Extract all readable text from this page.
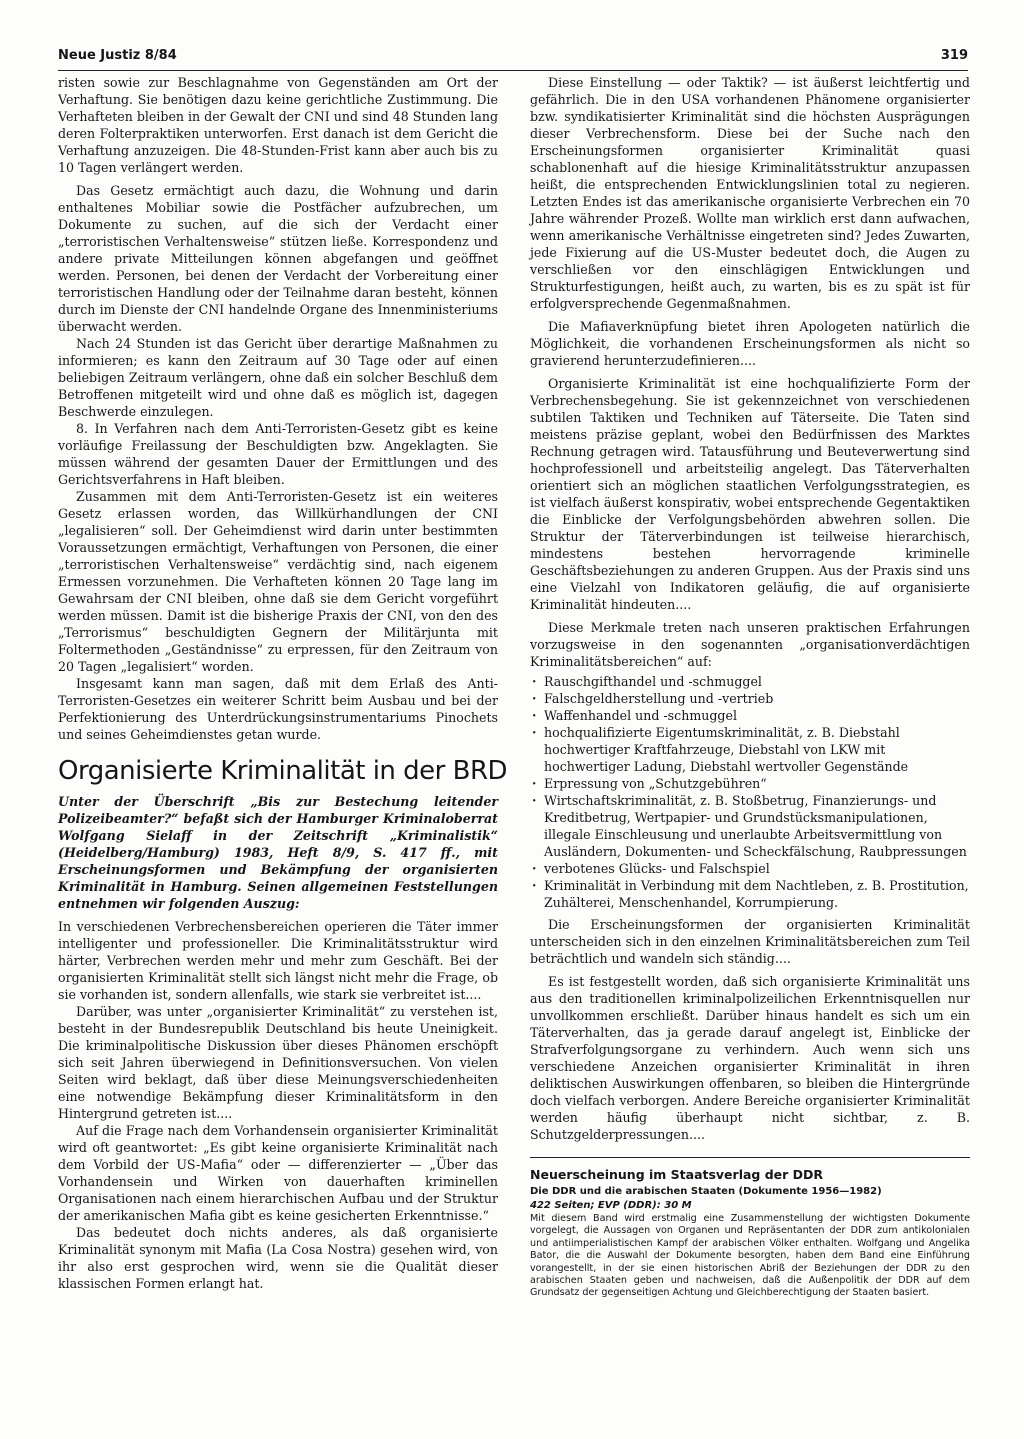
Neue Justiz 8/84	319

risten sowie zur Beschlagnahme von Gegenständen am Ort der Verhaftung. Sie benötigen dazu keine gerichtliche Zustimmung. Die Verhafteten bleiben in der Gewalt der CNI und sind 48 Stunden lang deren Folterpraktiken unterworfen. Erst danach ist dem Gericht die Verhaftung anzuzeigen. Die 48-Stunden-Frist kann aber auch bis zu 10 Tagen verlängert werden.

Das Gesetz ermächtigt auch dazu, die Wohnung und darin enthaltenes Mobiliar sowie die Postfächer aufzubrechen, um Dokumente zu suchen, auf die sich der Verdacht einer „terroristischen Verhaltensweise“ stützen ließe. Korrespondenz und andere private Mitteilungen können abgefangen und geöffnet werden. Personen, bei denen der Verdacht der Vorbereitung einer terroristischen Handlung oder der Teilnahme daran besteht, können durch im Dienste der CNI handelnde Organe des Innenministeriums überwacht werden.

Nach 24 Stunden ist das Gericht über derartige Maßnahmen zu informieren; es kann den Zeitraum auf 30 Tage oder auf einen beliebigen Zeitraum verlängern, ohne daß ein solcher Beschluß dem Betroffenen mitgeteilt wird und ohne daß es möglich ist, dagegen Beschwerde einzulegen.

8. In Verfahren nach dem Anti-Terroristen-Gesetz gibt es keine vorläufige Freilassung der Beschuldigten bzw. Angeklagten. Sie müssen während der gesamten Dauer der Ermittlungen und des Gerichtsverfahrens in Haft bleiben.

Zusammen mit dem Anti-Terroristen-Gesetz ist ein weiteres Gesetz erlassen worden, das Willkürhandlungen der CNI „legalisieren“ soll. Der Geheimdienst wird darin unter bestimmten Voraussetzungen ermächtigt, Verhaftungen von Personen, die einer „terroristischen Verhaltensweise“ verdächtig sind, nach eigenem Ermessen vorzunehmen. Die Verhafteten können 20 Tage lang im Gewahrsam der CNI bleiben, ohne daß sie dem Gericht vorgeführt werden müssen. Damit ist die bisherige Praxis der CNI, von den des „Terrorismus“ beschuldigten Gegnern der Militärjunta mit Foltermethoden „Geständnisse“ zu erpressen, für den Zeitraum von 20 Tagen „legalisiert“ worden.

Insgesamt kann man sagen, daß mit dem Erlaß des Anti-Terroristen-Gesetzes ein weiterer Schritt beim Ausbau und bei der Perfektionierung des Unterdrückungsinstrumentariums Pinochets und seines Geheimdienstes getan wurde.

Organisierte Kriminalität in der BRD

Unter der Überschrift „Bis zur Bestechung leitender Polizeibeamter?“ befaßt sich der Hamburger Kriminaloberrat Wolfgang Sielaff in der Zeitschrift „Kriminalistik“ (Heidelberg/Hamburg) 1983, Heft 8/9, S. 417 ff., mit Erscheinungsformen und Bekämpfung der organisierten Kriminalität in Hamburg. Seinen allgemeinen Feststellungen entnehmen wir folgenden Auszug:

In verschiedenen Verbrechensbereichen operieren die Täter immer intelligenter und professioneller. Die Kriminalitätsstruktur wird härter, Verbrechen werden mehr und mehr zum Geschäft. Bei der organisierten Kriminalität stellt sich längst nicht mehr die Frage, ob sie vorhanden ist, sondern allenfalls, wie stark sie verbreitet ist....

Darüber, was unter „organisierter Kriminalität“ zu verstehen ist, besteht in der Bundesrepublik Deutschland bis heute Uneinigkeit. Die kriminalpolitische Diskussion über dieses Phänomen erschöpft sich seit Jahren überwiegend in Definitionsversuchen. Von vielen Seiten wird beklagt, daß über diese Meinungsverschiedenheiten eine notwendige Bekämpfung dieser Kriminalitätsform in den Hintergrund getreten ist....

Auf die Frage nach dem Vorhandensein organisierter Kriminalität wird oft geantwortet: „Es gibt keine organisierte Kriminalität nach dem Vorbild der US-Mafia“ oder — differenzierter — „Über das Vorhandensein und Wirken von dauerhaften kriminellen Organisationen nach einem hierarchischen Aufbau und der Struktur der amerikanischen Mafia gibt es keine gesicherten Erkenntnisse.“

Das bedeutet doch nichts anderes, als daß organisierte Kriminalität synonym mit Mafia (La Cosa Nostra) gesehen wird, von ihr also erst gesprochen wird, wenn sie die Qualität dieser klassischen Formen erlangt hat.

Diese Einstellung — oder Taktik? — ist äußerst leichtfertig und gefährlich. Die in den USA vorhandenen Phänomene organisierter bzw. syndikatisierter Kriminalität sind die höchsten Ausprägungen dieser Verbrechensform. Diese bei der Suche nach den Erscheinungsformen organisierter Kriminalität quasi schablonenhaft auf die hiesige Kriminalitätsstruktur anzupassen heißt, die entsprechenden Entwicklungslinien total zu negieren. Letzten Endes ist das amerikanische organisierte Verbrechen ein 70 Jahre währender Prozeß. Wollte man wirklich erst dann aufwachen, wenn amerikanische Verhältnisse eingetreten sind? Jedes Zuwarten, jede Fixierung auf die US-Muster bedeutet doch, die Augen zu verschließen vor den einschlägigen Entwicklungen und Strukturfestigungen, heißt auch, zu warten, bis es zu spät ist für erfolgversprechende Gegenmaßnahmen.

Die Mafiaverknüpfung bietet ihren Apologeten natürlich die Möglichkeit, die vorhandenen Erscheinungsformen als nicht so gravierend herunterzudefinieren....

Organisierte Kriminalität ist eine hochqualifizierte Form der Verbrechensbegehung. Sie ist gekennzeichnet von verschiedenen subtilen Taktiken und Techniken auf Täterseite. Die Taten sind meistens präzise geplant, wobei den Bedürfnissen des Marktes Rechnung getragen wird. Tatausführung und Beuteverwertung sind hochprofessionell und arbeitsteilig angelegt. Das Täterverhalten orientiert sich an möglichen staatlichen Verfolgungsstrategien, es ist vielfach äußerst konspirativ, wobei entsprechende Gegentaktiken die Einblicke der Verfolgungsbehörden abwehren sollen. Die Struktur der Täterverbindungen ist teilweise hierarchisch, mindestens bestehen hervorragende kriminelle Geschäftsbeziehungen zu anderen Gruppen. Aus der Praxis sind uns eine Vielzahl von Indikatoren geläufig, die auf organisierte Kriminalität hindeuten....

Diese Merkmale treten nach unseren praktischen Erfahrungen vorzugsweise in den sogenannten „organisationverdächtigen Kriminalitätsbereichen“ auf:

· Rauschgifthandel und -schmuggel
· Falschgeldherstellung und -vertrieb
· Waffenhandel und -schmuggel
· hochqualifizierte Eigentumskriminalität, z. B. Diebstahl hochwertiger Kraftfahrzeuge, Diebstahl von LKW mit hochwertiger Ladung, Diebstahl wertvoller Gegenstände
· Erpressung von „Schutzgebühren“
· Wirtschaftskriminalität, z. B. Stoßbetrug, Finanzierungs- und Kreditbetrug, Wertpapier- und Grundstücksmanipulationen, illegale Einschleusung und unerlaubte Arbeitsvermittlung von Ausländern, Dokumenten- und Scheckfälschung, Raubpressungen
· verbotenes Glücks- und Falschspiel
· Kriminalität in Verbindung mit dem Nachtleben, z. B. Prostitution, Zuhälterei, Menschenhandel, Korrumpierung.

Die Erscheinungsformen der organisierten Kriminalität unterscheiden sich in den einzelnen Kriminalitätsbereichen zum Teil beträchtlich und wandeln sich ständig....

Es ist festgestellt worden, daß sich organisierte Kriminalität uns aus den traditionellen kriminalpolizeilichen Erkenntnisquellen nur unvollkommen erschließt. Darüber hinaus handelt es sich um ein Täterverhalten, das ja gerade darauf angelegt ist, Einblicke der Strafverfolgungsorgane zu verhindern. Auch wenn sich uns verschiedene Anzeichen organisierter Kriminalität in ihren deliktischen Auswirkungen offenbaren, so bleiben die Hintergründe doch vielfach verborgen. Andere Bereiche organisierter Kriminalität werden häufig überhaupt nicht sichtbar, z. B. Schutzgelderpressungen....

Neuerscheinung im Staatsverlag der DDR
Die DDR und die arabischen Staaten (Dokumente 1956—1982)
422 Seiten; EVP (DDR): 30 M
Mit diesem Band wird erstmalig eine Zusammenstellung der wichtigsten Dokumente vorgelegt, die Aussagen von Organen und Repräsentanten der DDR zum antikolonialen und antiimperialistischen Kampf der arabischen Völker enthalten. Wolfgang und Angelika Bator, die die Auswahl der Dokumente besorgten, haben dem Band eine Einführung vorangestellt, in der sie einen historischen Abriß der Beziehungen der DDR zu den arabischen Staaten geben und nachweisen, daß die Außenpolitik der DDR auf dem Grundsatz der gegenseitigen Achtung und Gleichberechtigung der Staaten basiert.
